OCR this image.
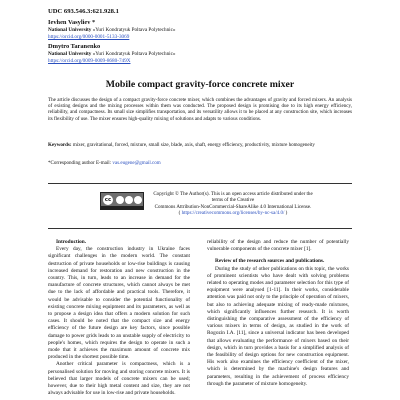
UDC 693.546.3:621.928.1
Ievhen Vasyliev *
National University «Yuri Kondratyuk Poltava Polytechnic»
https://orcid.org/0000-0001-5133-3069
Dmytro Taranenko
National University «Yuri Kondratyuk Poltava Polytechnic»
https://orcid.org/0009-0009-8680-749X
Mobile compact gravity-force concrete mixer
The article discusses the design of a compact gravity-force concrete mixer, which combines the advantages of gravity and forced mixers. An analysis of existing designs and the mixing processes within them was conducted. The proposed design is promising due to its high energy efficiency, reliability, and compactness. Its small size simplifies transportation, and its versatility allows it to be placed at any construction site, which increases its flexibility of use. The mixer ensures high-quality mixing of solutions and adapts to various conditions.
Keywords: mixer, gravitational, forced, mixture, small size, blade, axis, shaft, energy efficiency, productivity, mixture homogeneity
*Corresponding author E-mail: vas.eugene@gmail.com
cc
Copyright © The Author(s). This is an open access article distributed under the terms of the Creative
Commons Attribution-NonCommercial-ShareAlike 4.0 International License.
( https://creativecommons.org/licenses/by-nc-sa/4.0/ )
Introduction.

Every day, the construction industry in Ukraine faces significant challenges in the modern world. The constant destruction of private households or low-rise buildings is causing increased demand for restoration and new construction in the country. This, in turn, leads to an increase in demand for the manufacture of concrete structures, which cannot always be met due to the lack of affordable and practical tools. Therefore, it would be advisable to consider the potential functionality of existing concrete mixing equipment and its parameters, as well as to propose a design idea that offers a modern solution for such cases. It should be noted that the compact size and energy efficiency of the future design are key factors, since possible damage to power grids leads to an unstable supply of electricity to people's homes, which requires the design to operate in such a mode that it achieves the maximum amount of concrete mix produced in the shortest possible time.

Another critical parameter is compactness, which is a personalised solution for moving and storing concrete mixers. It is believed that larger models of concrete mixers can be used; however, due to their high metal content and size, they are not always advisable for use in low-rise and private households.

reliability of the design and reduce the number of potentially vulnerable components of the concrete mixer [1].

Review of the research sources and publications.

During the study of other publications on this topic, the works of prominent scientists who have dealt with solving problems related to operating modes and parameter selection for this type of equipment were analysed [1-11]. In their works, considerable attention was paid not only to the principle of operation of mixers, but also to achieving adequate mixing of ready-made mixtures, which significantly influences further research. It is worth distinguishing the comparative assessment of the efficiency of various mixers in terms of design, as studied in the work of Rogozin I.A. [11], since a universal indicator has been developed that allows evaluating the performance of mixers based on their design, which in turn provides a basis for a simplified analysis of the feasibility of design options for new construction equipment. His work also examines the efficiency coefficient of the mixer, which is determined by the machine's design features and parameters, resulting in the achievement of process efficiency through the parameter of mixture homogeneity.
